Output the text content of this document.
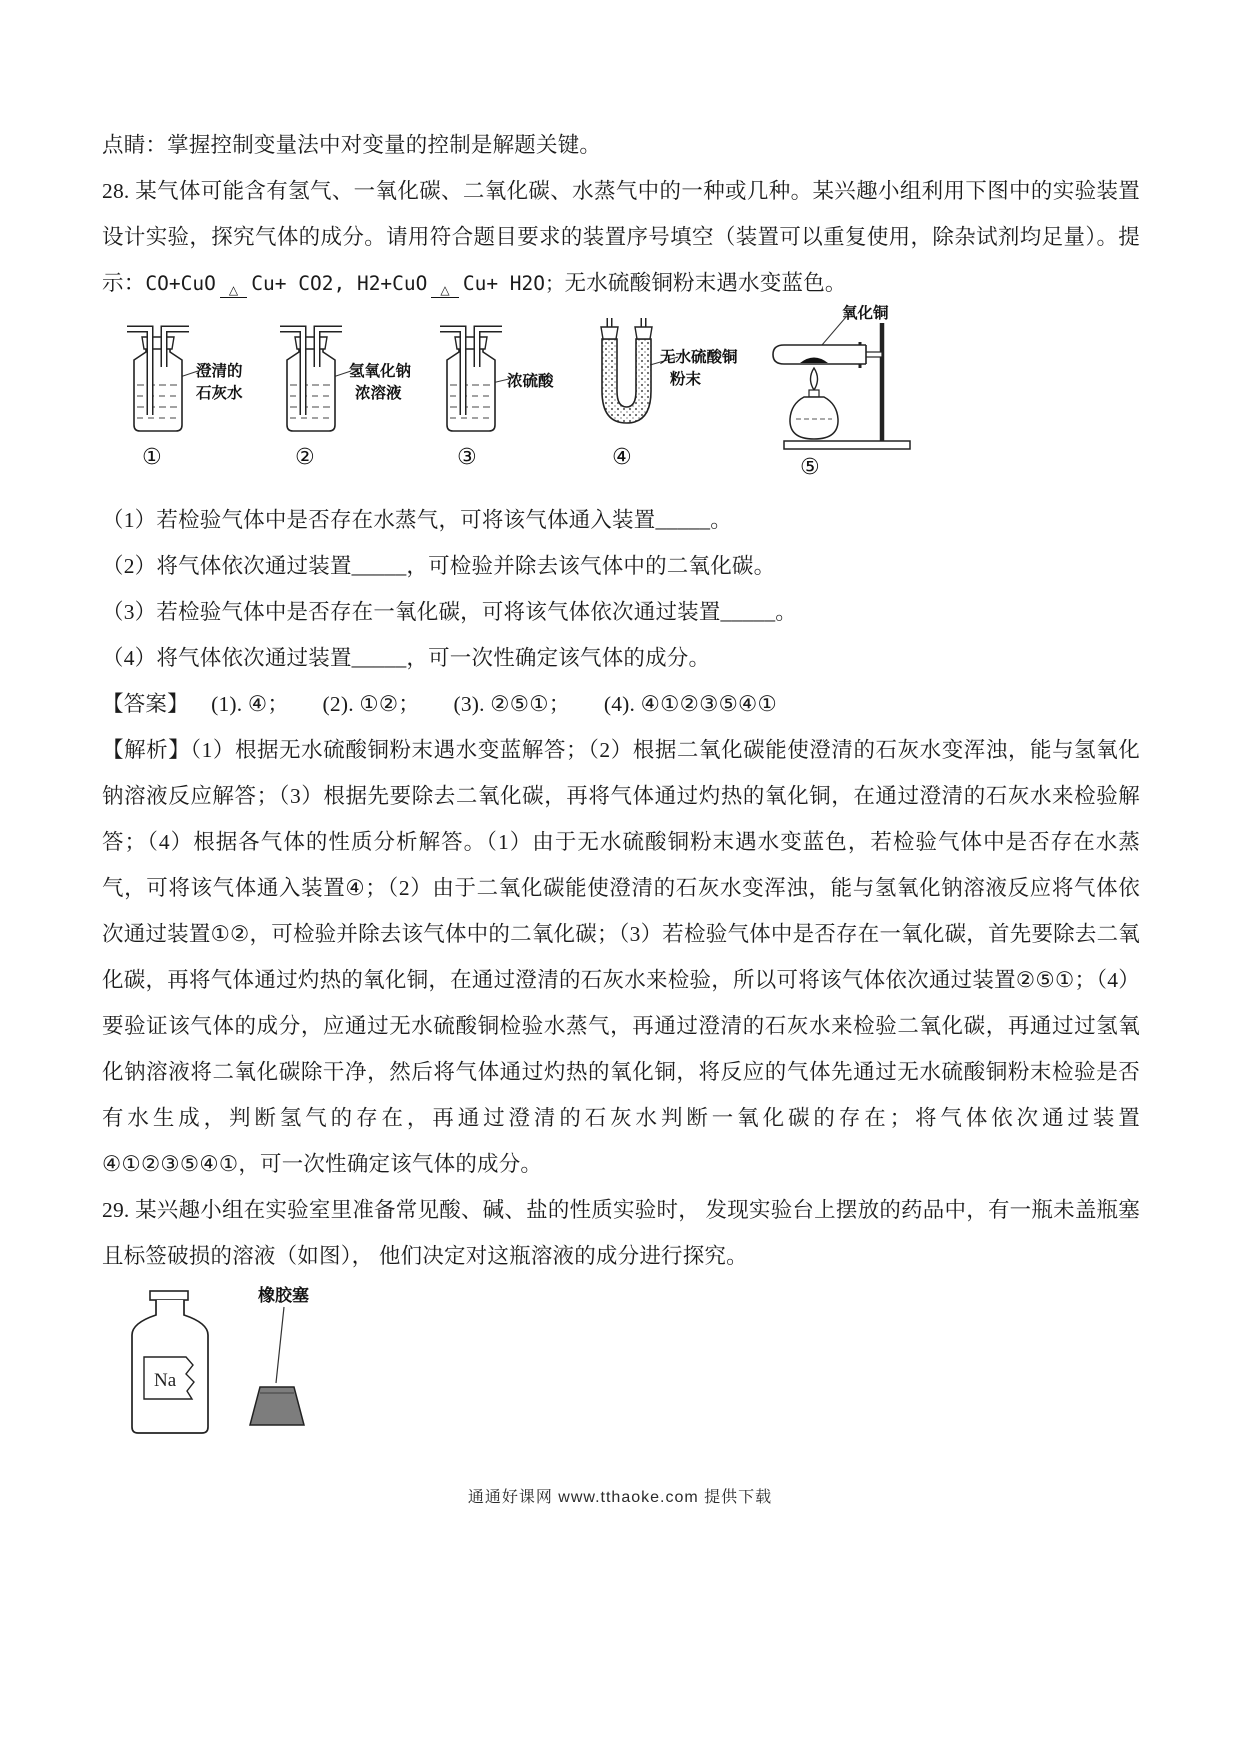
点睛：掌握控制变量法中对变量的控制是解题关键。

28. 某气体可能含有氢气、一氧化碳、二氧化碳、水蒸气中的一种或几种。某兴趣小组利用下图中的实验装置设计实验，探究气体的成分。请用符合题目要求的装置序号填空（装置可以重复使用，除杂试剂均足量）。提示：CO+CuO △ Cu+ CO2, H2+CuO △ Cu+ H2O；无水硫酸铜粉末遇水变蓝色。

澄清的
石灰水
①
氢氧化钠
浓溶液
②
浓硫酸
③
无水硫酸铜
粉末
④
氧化铜
⑤

（1）若检验气体中是否存在水蒸气，可将该气体通入装置_____。

（2）将气体依次通过装置_____，可检验并除去该气体中的二氧化碳。

（3）若检验气体中是否存在一氧化碳，可将该气体依次通过装置_____。

（4）将气体依次通过装置_____，可一次性确定该气体的成分。

【答案】    (1). ④；      (2). ①②；      (3). ②⑤①；      (4). ④①②③⑤④①

【解析】（1）根据无水硫酸铜粉末遇水变蓝解答；（2）根据二氧化碳能使澄清的石灰水变浑浊，能与氢氧化钠溶液反应解答；（3）根据先要除去二氧化碳，再将气体通过灼热的氧化铜，在通过澄清的石灰水来检验解答；（4）根据各气体的性质分析解答。（1）由于无水硫酸铜粉末遇水变蓝色，若检验气体中是否存在水蒸气，可将该气体通入装置④；（2）由于二氧化碳能使澄清的石灰水变浑浊，能与氢氧化钠溶液反应将气体依次通过装置①②，可检验并除去该气体中的二氧化碳；（3）若检验气体中是否存在一氧化碳，首先要除去二氧化碳，再将气体通过灼热的氧化铜，在通过澄清的石灰水来检验，所以可将该气体依次通过装置②⑤①；（4）要验证该气体的成分，应通过无水硫酸铜检验水蒸气，再通过澄清的石灰水来检验二氧化碳，再通过过氢氧化钠溶液将二氧化碳除干净，然后将气体通过灼热的氧化铜，将反应的气体先通过无水硫酸铜粉末检验是否有水生成，判断氢气的存在，再通过澄清的石灰水判断一氧化碳的存在；将气体依次通过装置 ④①②③⑤④①，可一次性确定该气体的成分。

29. 某兴趣小组在实验室里准备常见酸、碱、盐的性质实验时， 发现实验台上摆放的药品中，有一瓶未盖瓶塞且标签破损的溶液（如图）， 他们决定对这瓶溶液的成分进行探究。

Na
橡胶塞
通通好课网 www.tthaoke.com 提供下载
